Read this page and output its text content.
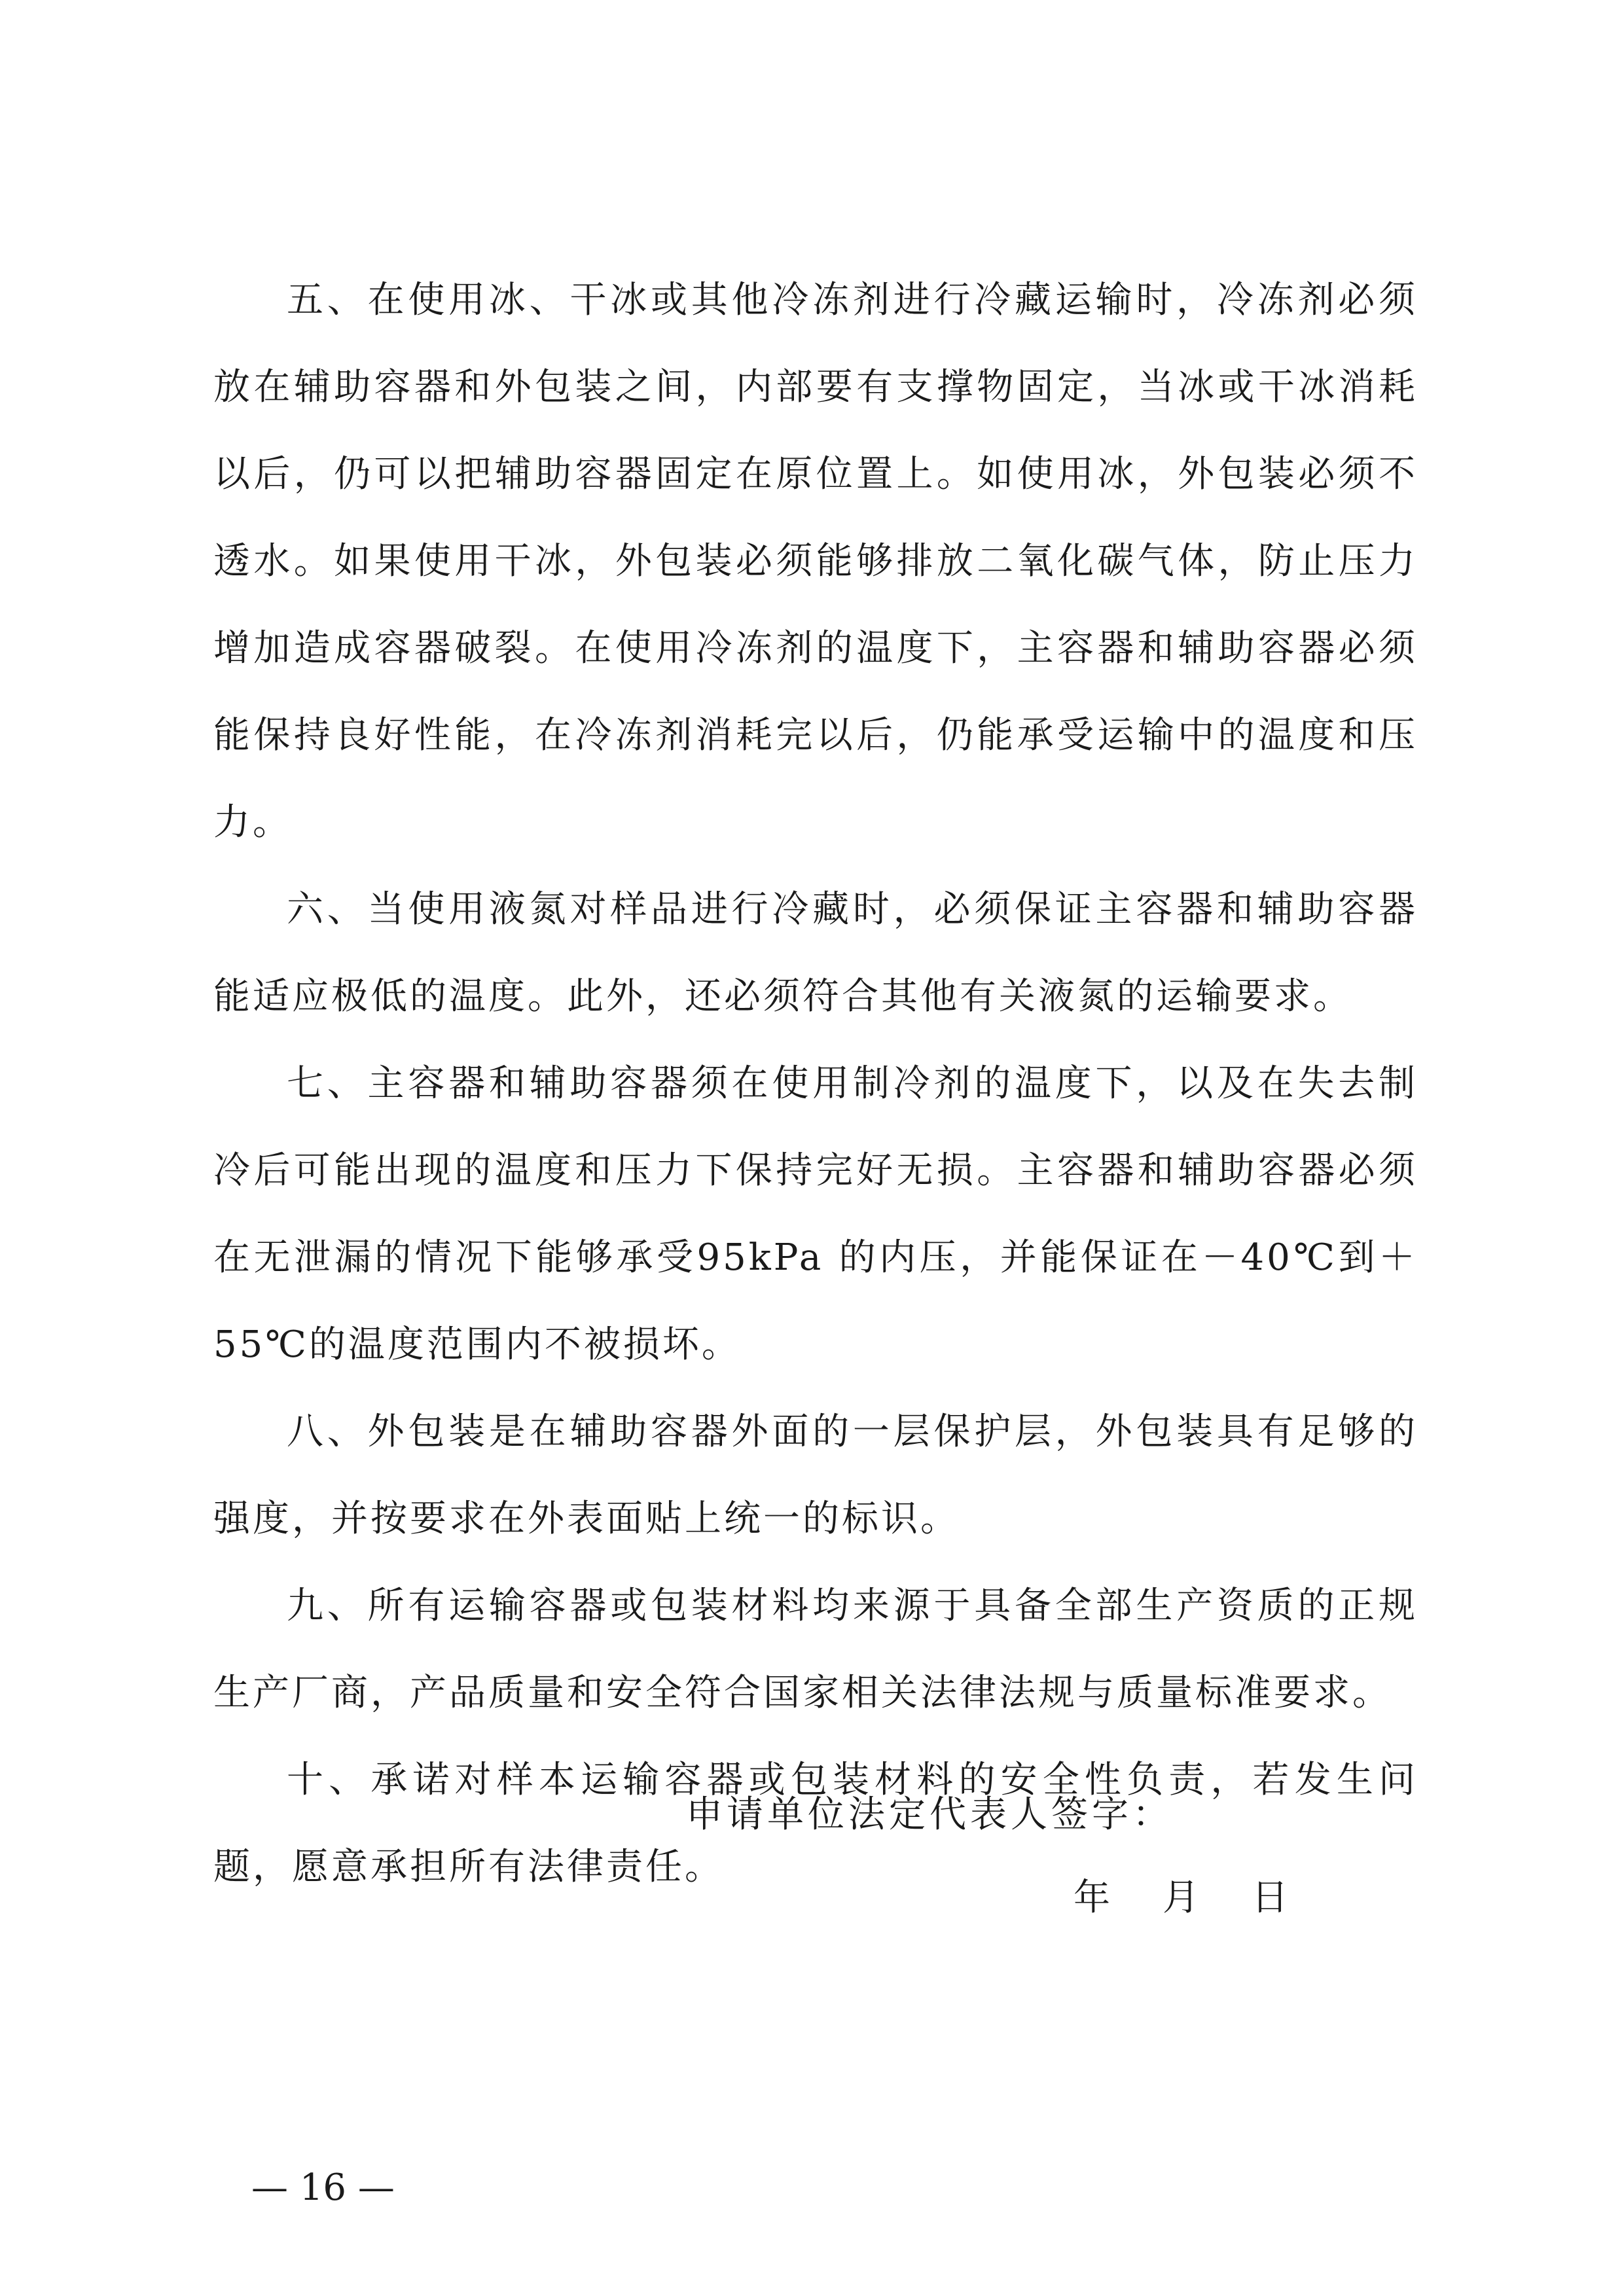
五、在使用冰、干冰或其他冷冻剂进行冷藏运输时，冷冻剂必须放在辅助容器和外包装之间，内部要有支撑物固定，当冰或干冰消耗以后，仍可以把辅助容器固定在原位置上。如使用冰，外包装必须不透水。如果使用干冰，外包装必须能够排放二氧化碳气体，防止压力增加造成容器破裂。在使用冷冻剂的温度下，主容器和辅助容器必须能保持良好性能，在冷冻剂消耗完以后，仍能承受运输中的温度和压力。

六、当使用液氮对样品进行冷藏时，必须保证主容器和辅助容器能适应极低的温度。此外，还必须符合其他有关液氮的运输要求。

七、主容器和辅助容器须在使用制冷剂的温度下，以及在失去制冷后可能出现的温度和压力下保持完好无损。主容器和辅助容器必须在无泄漏的情况下能够承受95kPa 的内压，并能保证在－40℃到＋55℃的温度范围内不被损坏。

八、外包装是在辅助容器外面的一层保护层，外包装具有足够的强度，并按要求在外表面贴上统一的标识。

九、所有运输容器或包装材料均来源于具备全部生产资质的正规生产厂商，产品质量和安全符合国家相关法律法规与质量标准要求。

十、承诺对样本运输容器或包装材料的安全性负责，若发生问题，愿意承担所有法律责任。

申请单位法定代表人签字：
年 月 日
— 16 —
